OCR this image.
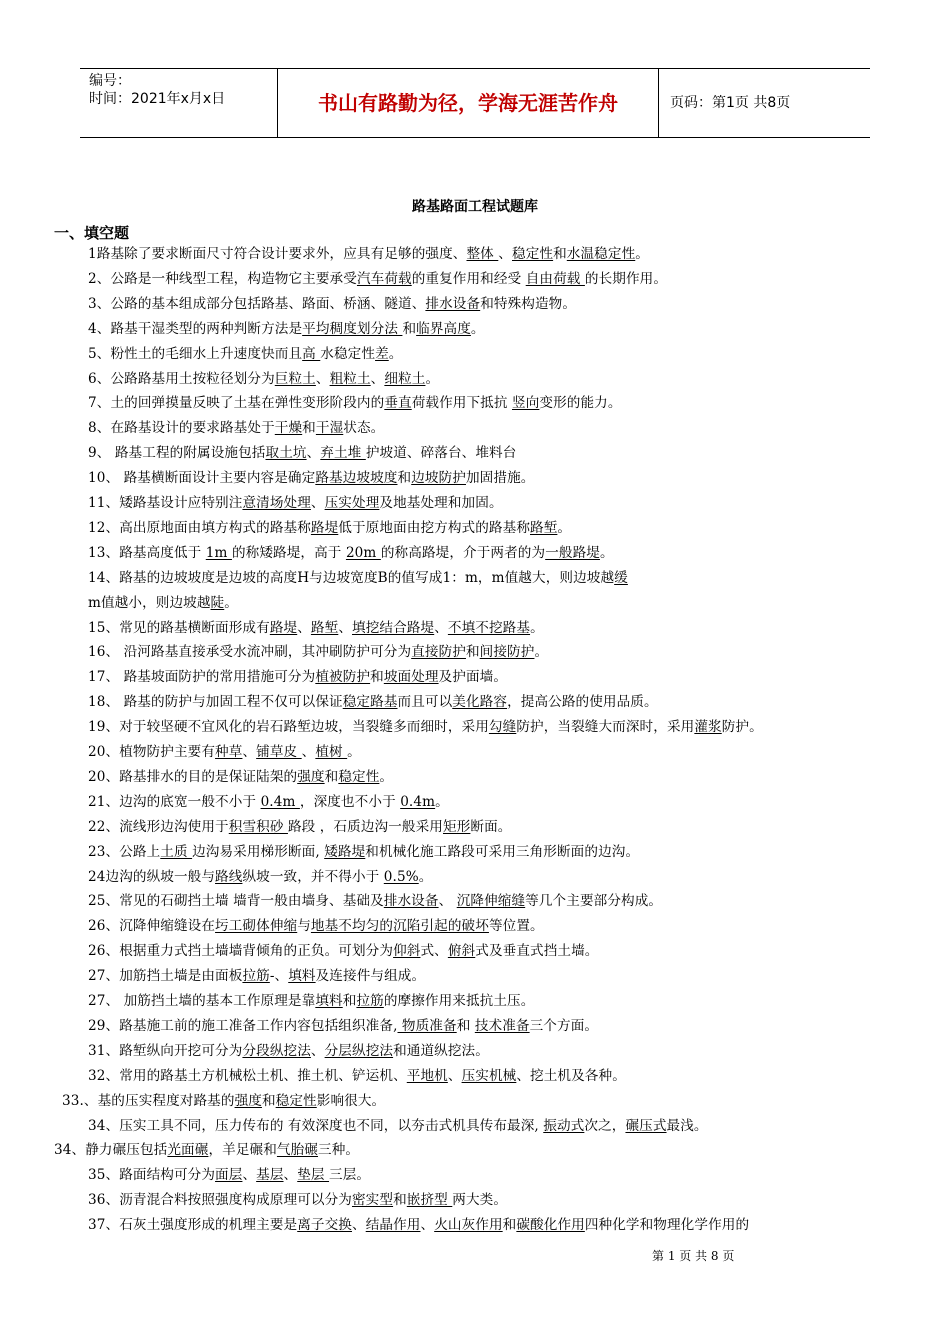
编号：
时间：2021年x月x日	书山有路勤为径，学海无涯苦作舟	页码：第1页 共8页
路基路面工程试题库
一、填空题
1路基除了要求断面尺寸符合设计要求外，应具有足够的强度、整体 、稳定性和水温稳定性。
2、公路是一种线型工程，构造物它主要承受汽车荷载的重复作用和经受 自由荷载 的长期作用。
3、公路的基本组成部分包括路基、路面、桥涵、隧道、排水设备和特殊构造物。
4、路基干湿类型的两种判断方法是平均稠度划分法 和临界高度。
5、粉性土的毛细水上升速度快而且高 水稳定性差。
6、公路路基用土按粒径划分为巨粒土、粗粒土、细粒土。
7、土的回弹摸量反映了土基在弹性变形阶段内的垂直荷载作用下抵抗 竖向变形的能力。
8、在路基设计的要求路基处于干燥和干湿状态。
9、 路基工程的附属设施包括取土坑、弃土堆 护坡道、碎落台、堆料台
10、 路基横断面设计主要内容是确定路基边坡坡度和边坡防护加固措施。
11、矮路基设计应特别注意清场处理、压实处理及地基处理和加固。
12、高出原地面由填方构式的路基称路堤低于原地面由挖方构式的路基称路堑。
13、路基高度低于 1m 的称矮路堤，高于 20m 的称高路堤，介于两者的为一般路堤。
14、路基的边坡坡度是边坡的高度H与边坡宽度B的值写成1：m，m值越大，则边坡越缓
m值越小，则边坡越陡。
15、常见的路基横断面形成有路堤、路堑、填挖结合路堤、不填不挖路基。
16、 沿河路基直接承受水流冲刷，其冲刷防护可分为直接防护和间接防护。
17、 路基坡面防护的常用措施可分为植被防护和坡面处理及护面墙。
18、 路基的防护与加固工程不仅可以保证稳定路基而且可以美化路容，提高公路的使用品质。
19、对于较坚硬不宜风化的岩石路堑边坡，当裂缝多而细时，采用勾缝防护，当裂缝大而深时，采用灌浆防护。
20、植物防护主要有种草、铺草皮 、植树 。
20、路基排水的目的是保证陆架的强度和稳定性。
21、边沟的底宽一般不小于 0.4m ，深度也不小于 0.4m。
22、流线形边沟使用于积雪积砂 路段 ，石质边沟一般采用矩形断面。
23、公路上土质 边沟易采用梯形断面, 矮路堤和机械化施工路段可采用三角形断面的边沟。
24边沟的纵坡一般与路线纵坡一致，并不得小于 0.5%。
25、常见的石砌挡土墙 墙背一般由墙身、基础及排水设备、 沉降伸缩缝等几个主要部分构成。
26、沉降伸缩缝设在圬工砌体伸缩与地基不均匀的沉陷引起的破坏等位置。
26、根据重力式挡土墙墙背倾角的正负。可划分为仰斜式、俯斜式及垂直式挡土墙。
27、加筋挡土墙是由面板拉筋-、填料及连接件与组成。
27、 加筋挡土墙的基本工作原理是靠填料和拉筋的摩擦作用来抵抗土压。
29、路基施工前的施工准备工作内容包括组织准备, 物质准备和 技术准备三个方面。
31、路堑纵向开挖可分为分段纵挖法、分层纵挖法和通道纵挖法。
32、常用的路基土方机械松土机、推土机、铲运机、平地机、压实机械、挖土机及各种。
33.、基的压实程度对路基的强度和稳定性影响很大。
34、压实工具不同，压力传布的 有效深度也不同，以夯击式机具传布最深, 振动式次之，碾压式最浅。
34、静力碾压包括光面碾，羊足碾和气胎碾三种。
35、路面结构可分为面层、基层、垫层 三层。
36、沥青混合料按照强度构成原理可以分为密实型和嵌挤型 两大类。
37、石灰土强度形成的机理主要是离子交换、结晶作用、火山灰作用和碳酸化作用四种化学和物理化学作用的
第 1 页 共 8 页
